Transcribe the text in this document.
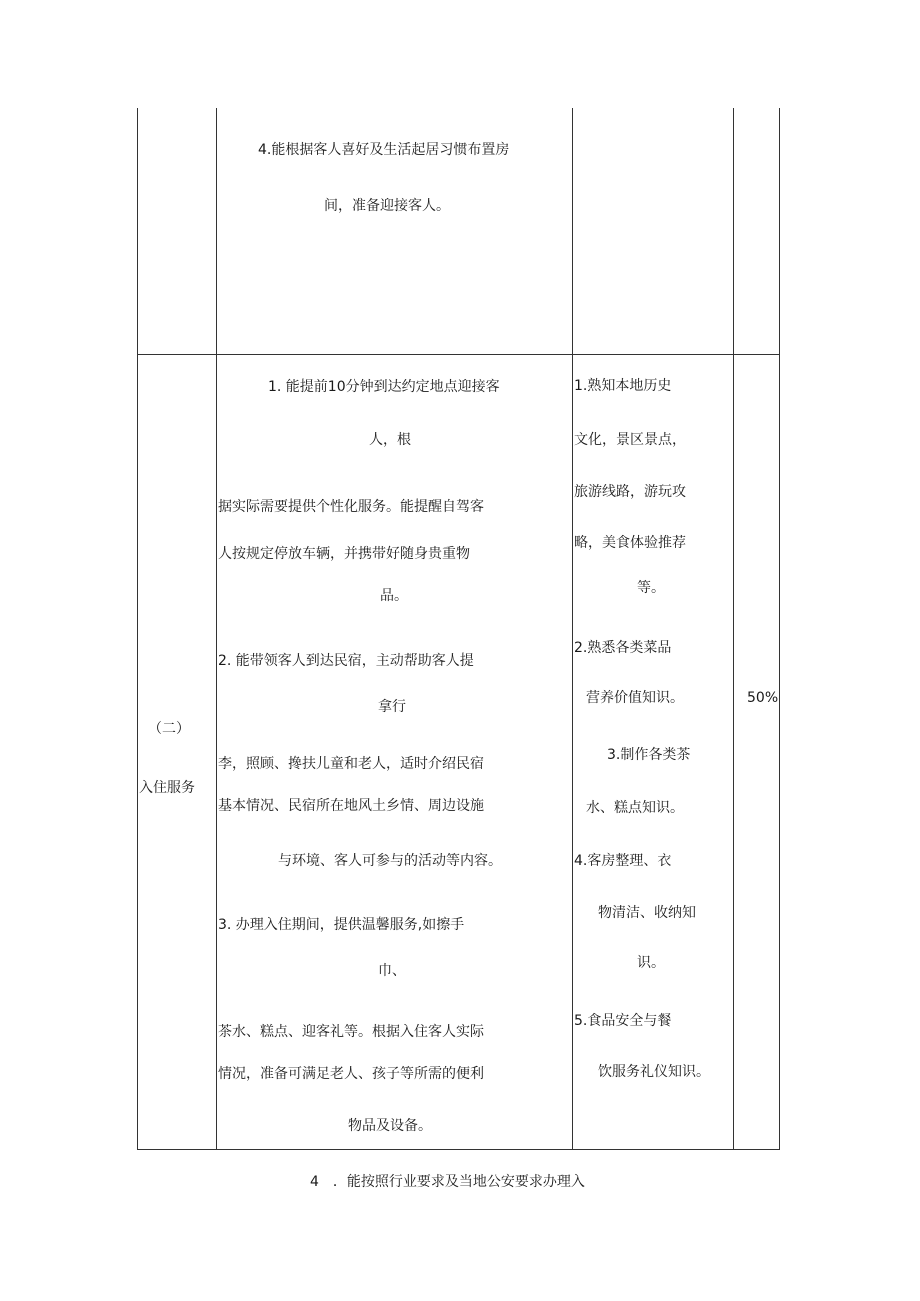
4.能根据客人喜好及生活起居习惯布置房
间，准备迎接客人。
（二）
入住服务
1. 能提前10分钟到达约定地点迎接客
人，根
据实际需要提供个性化服务。能提醒自驾客
人按规定停放车辆，并携带好随身贵重物
品。
2. 能带领客人到达民宿，主动帮助客人提
拿行
李，照顾、搀扶儿童和老人，适时介绍民宿
基本情况、民宿所在地风土乡情、周边设施
与环境、客人可参与的活动等内容。
3. 办理入住期间，提供温馨服务,如擦手
巾、
茶水、糕点、迎客礼等。根据入住客人实际
情况，准备可满足老人、孩子等所需的便利
物品及设备。
1.熟知本地历史
文化，景区景点，
旅游线路，游玩攻
略，美食体验推荐
等。
2.熟悉各类菜品
营养价值知识。
3.制作各类茶
水、糕点知识。
4.客房整理、衣
物清洁、收纳知
识。
5.食品安全与餐
饮服务礼仪知识。
50%
4　．能按照行业要求及当地公安要求办理入
